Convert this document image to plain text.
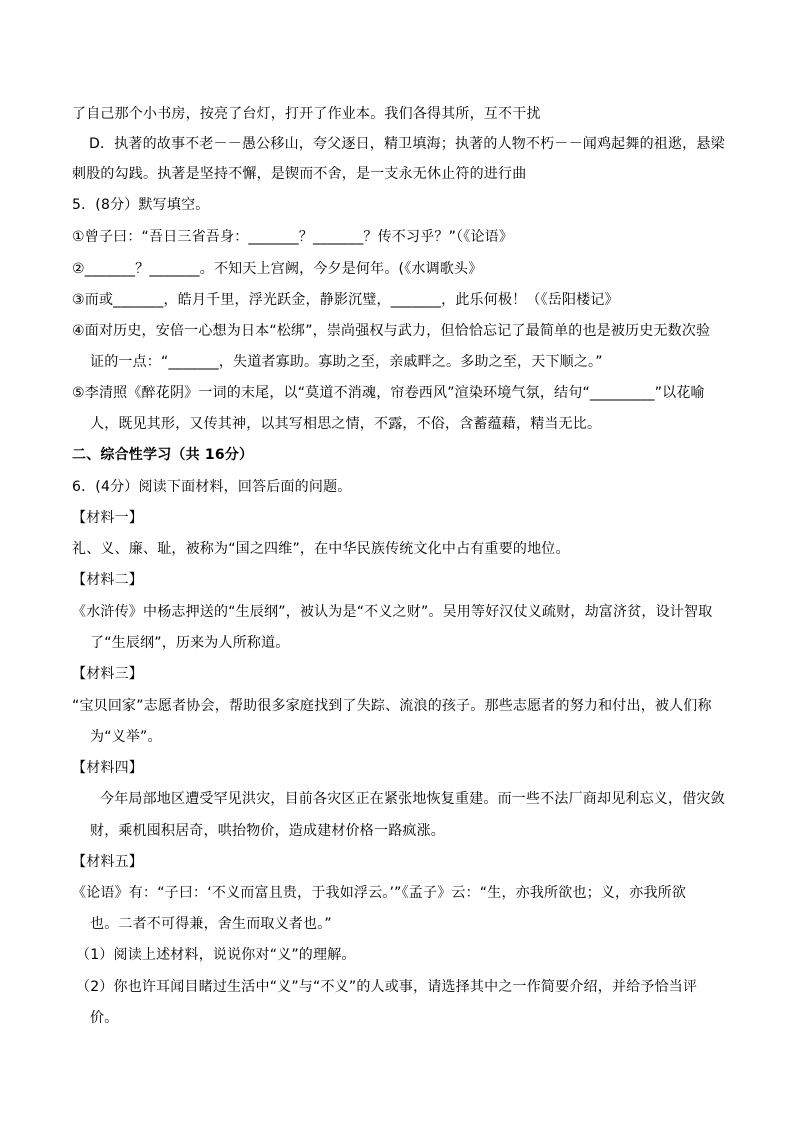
了自己那个小书房，按亮了台灯，打开了作业本。我们各得其所，互不干扰
D．执著的故事不老－－愚公移山，夸父逐日，精卫填海；执著的人物不朽－－闻鸡起舞的祖逖，悬梁
刺股的勾践。执著是坚持不懈，是锲而不舍，是一支永无休止符的进行曲
5．(8分）默写填空。
①曾子曰：“吾日三省吾身：_______？_______？传不习乎？”（《论语》
②_______？_______。不知天上宫阙，今夕是何年。(《水调歌头》
③而或_______，皓月千里，浮光跃金，静影沉璧，_______，此乐何极！（《岳阳楼记》
④面对历史，安倍一心想为日本“松绑”，崇尚强权与武力，但恰恰忘记了最简单的也是被历史无数次验
证的一点：“_______，失道者寡助。寡助之至，亲戚畔之。多助之至，天下顺之。”
⑤李清照《醉花阴》一词的末尾，以“莫道不消魂，帘卷西风”渲染环境气氛，结句“_________”以花喻
人，既见其形，又传其神，以其写相思之情，不露，不俗，含蓄蕴藉，精当无比。
二、综合性学习（共 16分）
6．(4分）阅读下面材料，回答后面的问题。
【材料一】
礼、义、廉、耻，被称为“国之四维”，在中华民族传统文化中占有重要的地位。
【材料二】
《水浒传》中杨志押送的“生辰纲”，被认为是“不义之财”。吴用等好汉仗义疏财，劫富济贫，设计智取
了“生辰纲”，历来为人所称道。
【材料三】
“宝贝回家”志愿者协会，帮助很多家庭找到了失踪、流浪的孩子。那些志愿者的努力和付出，被人们称
为“义举”。
【材料四】
今年局部地区遭受罕见洪灾，目前各灾区正在紧张地恢复重建。而一些不法厂商却见利忘义，借灾敛
财，乘机囤积居奇，哄抬物价，造成建材价格一路疯涨。
【材料五】
《论语》有：“子曰：‘不义而富且贵，于我如浮云。’”《孟子》云：“生，亦我所欲也；义，亦我所欲
也。二者不可得兼，舍生而取义者也。”
（1）阅读上述材料，说说你对“义”的理解。
（2）你也许耳闻目睹过生活中“义”与“不义”的人或事，请选择其中之一作简要介绍，并给予恰当评
价。
